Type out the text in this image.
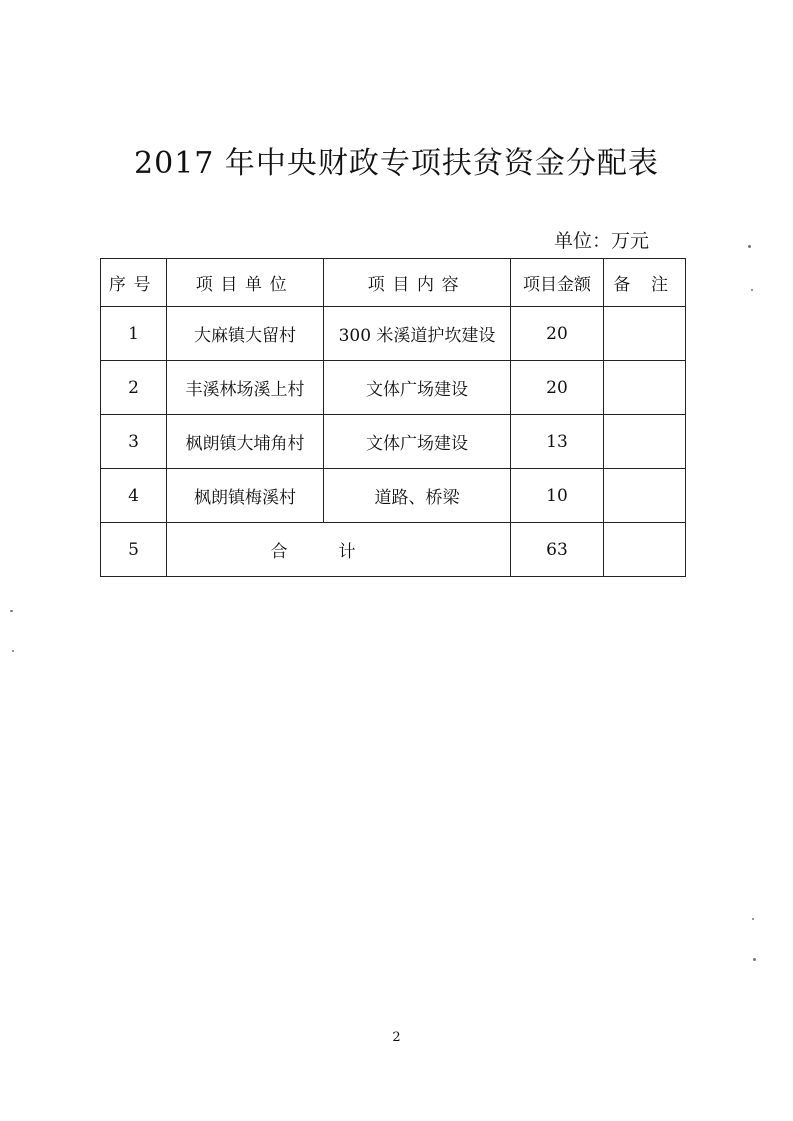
2017 年中央财政专项扶贫资金分配表
单位：万元
序号	项目单位	项目内容	项目金额	备 注
1	大麻镇大留村	300 米溪道护坎建设	20	
2	丰溪林场溪上村	文体广场建设	20	
3	枫朗镇大埔角村	文体广场建设	13	
4	枫朗镇梅溪村	道路、桥梁	10	
5	合计		63	
2
